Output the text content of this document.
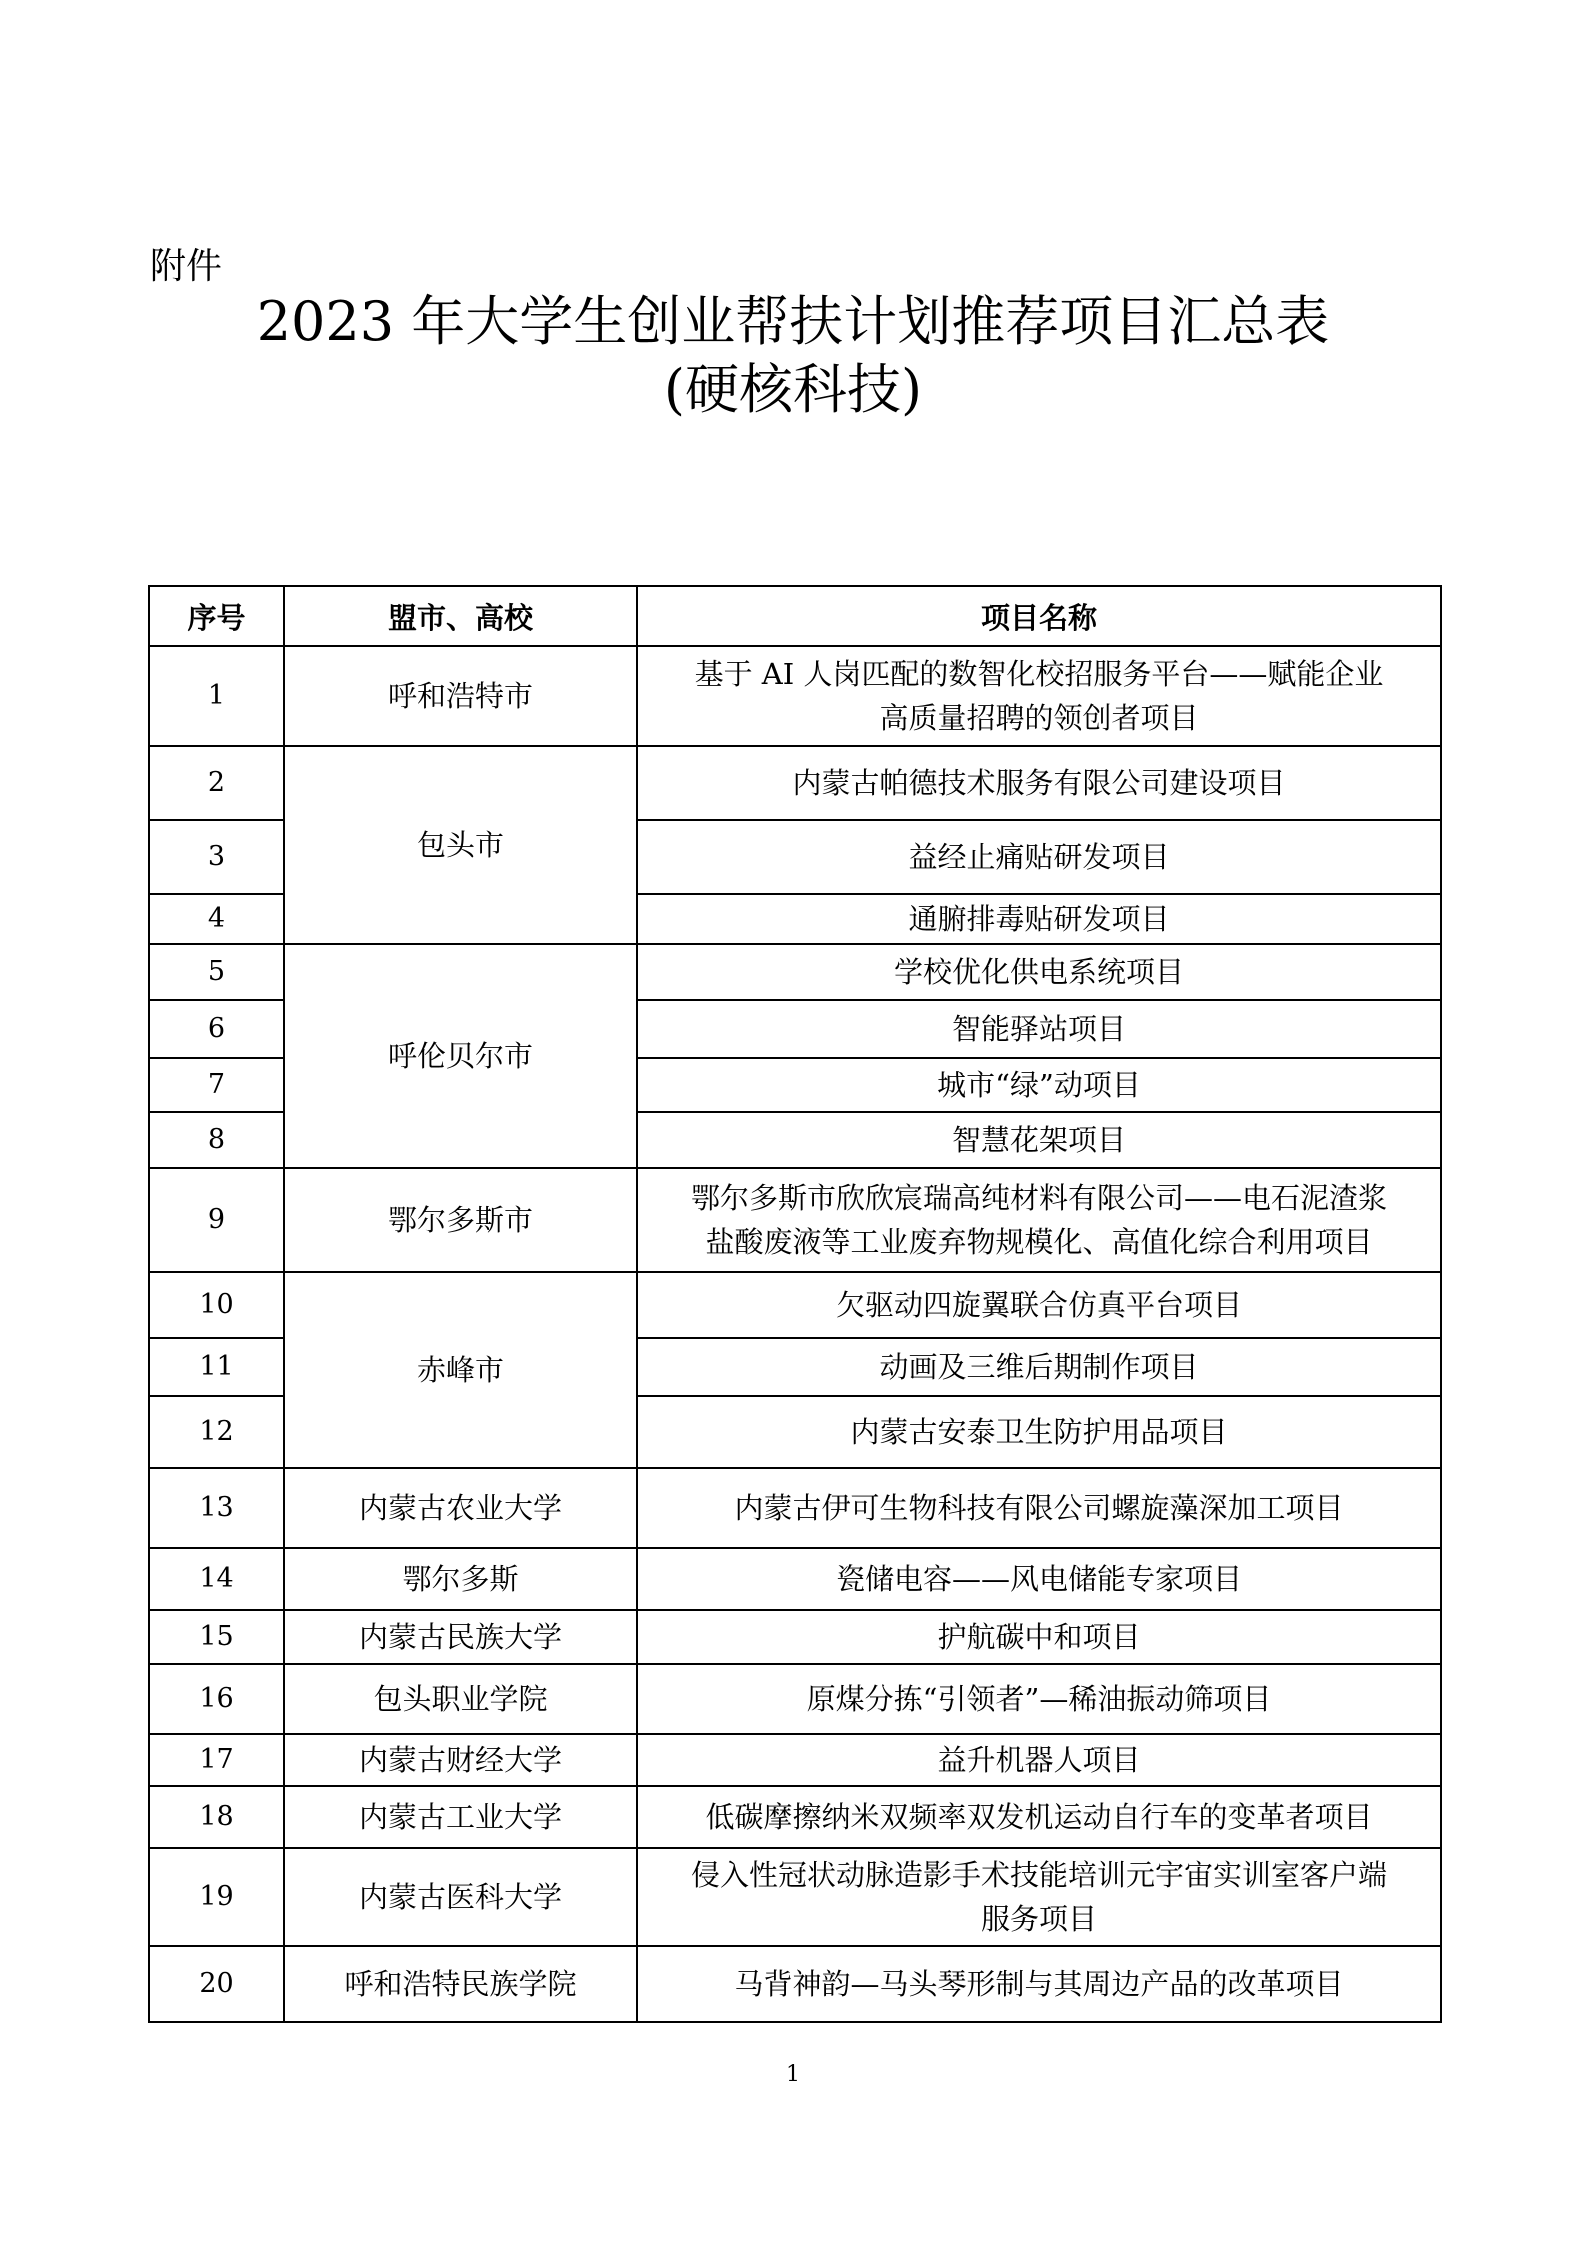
附件
2023 年大学生创业帮扶计划推荐项目汇总表
(硬核科技)
序号	盟市、高校	项目名称
1	呼和浩特市	基于 AI 人岗匹配的数智化校招服务平台——赋能企业
高质量招聘的领创者项目

2	包头市	内蒙古帕德技术服务有限公司建设项目
3		益经止痛贴研发项目
4		通腑排毒贴研发项目
5	呼伦贝尔市	学校优化供电系统项目
6		智能驿站项目
7		城市“绿”动项目
8		智慧花架项目
9	鄂尔多斯市	鄂尔多斯市欣欣宸瑞高纯材料有限公司——电石泥渣浆
盐酸废液等工业废弃物规模化、高值化综合利用项目

10	赤峰市	欠驱动四旋翼联合仿真平台项目
11		动画及三维后期制作项目
12		内蒙古安泰卫生防护用品项目
13	内蒙古农业大学	内蒙古伊可生物科技有限公司螺旋藻深加工项目
14	鄂尔多斯	瓷储电容——风电储能专家项目
15	内蒙古民族大学	护航碳中和项目
16	包头职业学院	原煤分拣“引领者”—稀油振动筛项目
17	内蒙古财经大学	益升机器人项目
18	内蒙古工业大学	低碳摩擦纳米双频率双发机运动自行车的变革者项目
19	内蒙古医科大学	侵入性冠状动脉造影手术技能培训元宇宙实训室客户端
服务项目

20	呼和浩特民族学院	马背神韵—马头琴形制与其周边产品的改革项目
1
